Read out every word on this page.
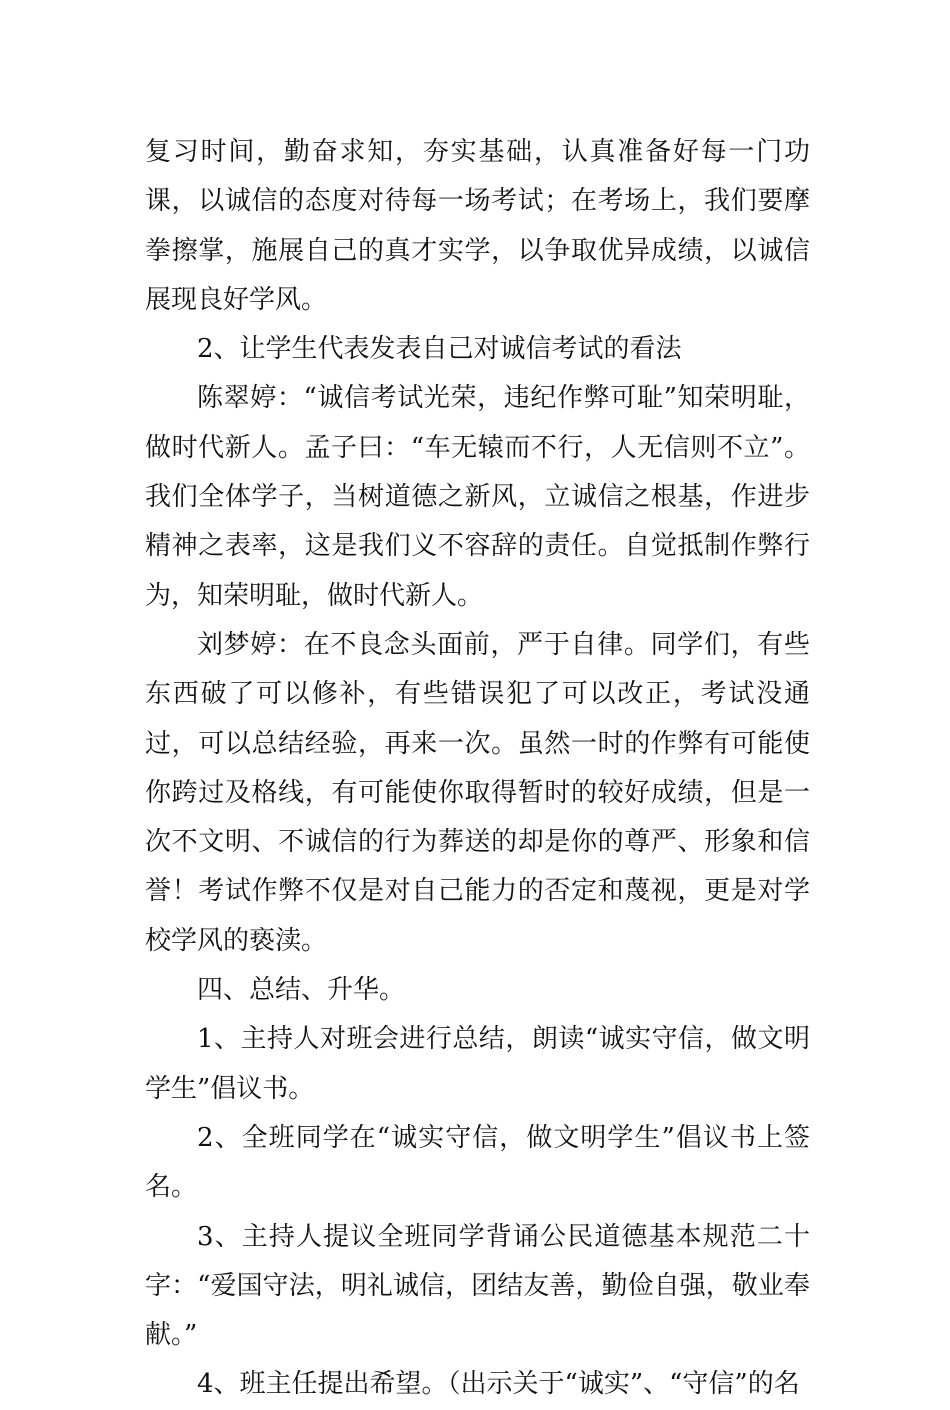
复习时间，勤奋求知，夯实基础，认真准备好每一门功课，以诚信的态度对待每一场考试；在考场上，我们要摩拳擦掌，施展自己的真才实学，以争取优异成绩，以诚信展现良好学风。

2、让学生代表发表自己对诚信考试的看法

陈翠婷：“诚信考试光荣，违纪作弊可耻”知荣明耻，做时代新人。孟子曰：“车无辕而不行，人无信则不立”。我们全体学子，当树道德之新风，立诚信之根基，作进步精神之表率，这是我们义不容辞的责任。自觉抵制作弊行为，知荣明耻，做时代新人。

刘梦婷：在不良念头面前，严于自律。同学们，有些东西破了可以修补，有些错误犯了可以改正，考试没通过，可以总结经验，再来一次。虽然一时的作弊有可能使你跨过及格线，有可能使你取得暂时的较好成绩，但是一次不文明、不诚信的行为葬送的却是你的尊严、形象和信誉！考试作弊不仅是对自己能力的否定和蔑视，更是对学校学风的亵渎。

四、总结、升华。

1、主持人对班会进行总结，朗读“诚实守信，做文明学生”倡议书。

2、全班同学在“诚实守信，做文明学生”倡议书上签名。

3、主持人提议全班同学背诵公民道德基本规范二十字：“爱国守法，明礼诚信，团结友善，勤俭自强，敬业奉献。”

4、班主任提出希望。（出示关于“诚实”、“守信”的名
